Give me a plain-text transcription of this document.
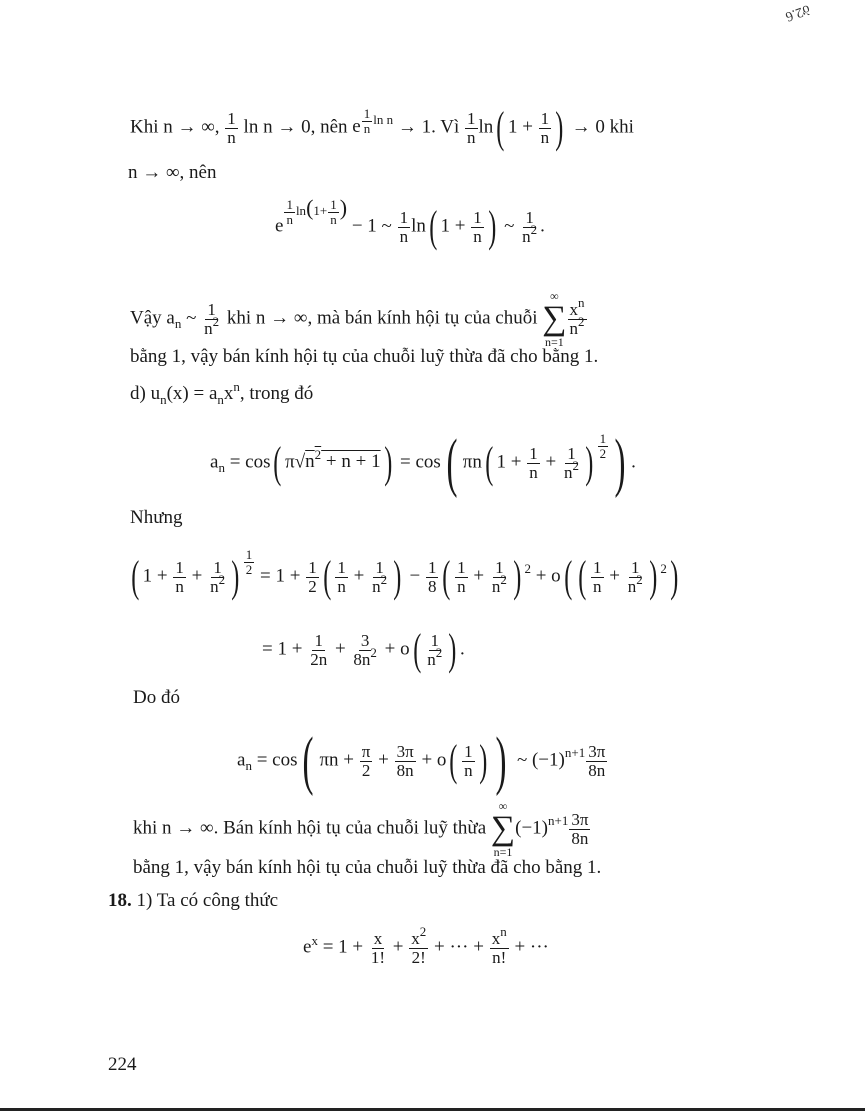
ờ2.6
Khi n → ∞, $\frac{1}{n}$ ln n → 0, nên e $^{\frac{1}{n} ln n}$ → 1. Vì $\frac{1}{n} \ln$( $1 + \frac{1}{n}$ ) → 0 khi
n → ∞, nên
e $^{\frac{1}{n} ln(1+ \frac{1}{n} )}$ − 1 ~ $\frac{1}{n} \ln$( $1 + \frac{1}{n}$ ) ~ $\frac{1}{n^2}$ .
Vậy $a_n$ ~ $\frac{1}{n^2}$ khi n → ∞, mà bán kính hội tụ của chuỗi
∞
∑
n=1
$\frac{x^n}{n^2}$
bằng 1, vậy bán kính hội tụ của chuỗi luỹ thừa đã cho bằng 1.
d) $u_n(x) = a_nx^n$, trong đó
$a_n = \cos$( $\pi√n^2 + n + 1) = \cos$( πn( $1 + \frac{1}{n} + \frac{1}{n^2}$ ) $^{\frac{1}{2}}$ ) .
Nhưng
( $1 + \frac{1}{n} + \frac{1}{n^2}$ ) $^{\frac{1}{2}} = 1 + \frac{1}{2}$ ( $\frac{1}{n} + \frac{1}{n^2}$ ) − $\frac{1}{8}$ ( $\frac{1}{n} + \frac{1}{n^2}$ ) $^2$ + o( ( $\frac{1}{n} + \frac{1}{n^2}$ ) $^2$)
= $1 + \frac{1}{2n} + \frac{3}{8n^2} + o( \frac{1}{n^2}$ ) .
Do đó
$a_n = \cos$( $\pi n + \frac{\pi}{2} + \frac{3\pi}{8n} + o( \frac{1}{n}$ ) ) ~ $(-1)^{n+1} \frac{3\pi}{8n}$
khi n → ∞. Bán kính hội tụ của chuỗi luỹ thừa
∞
∑
n=1
$(-1)^{n+1} \frac{3\pi}{8n}$
bằng 1, vậy bán kính hội tụ của chuỗi luỹ thừa đã cho bằng 1.
18. 1) Ta có công thức
$e^x = 1 + \frac{x}{1!} + \frac{x^2}{2!}$ + ··· + $\frac{x^n}{n!}$ + ···
224
